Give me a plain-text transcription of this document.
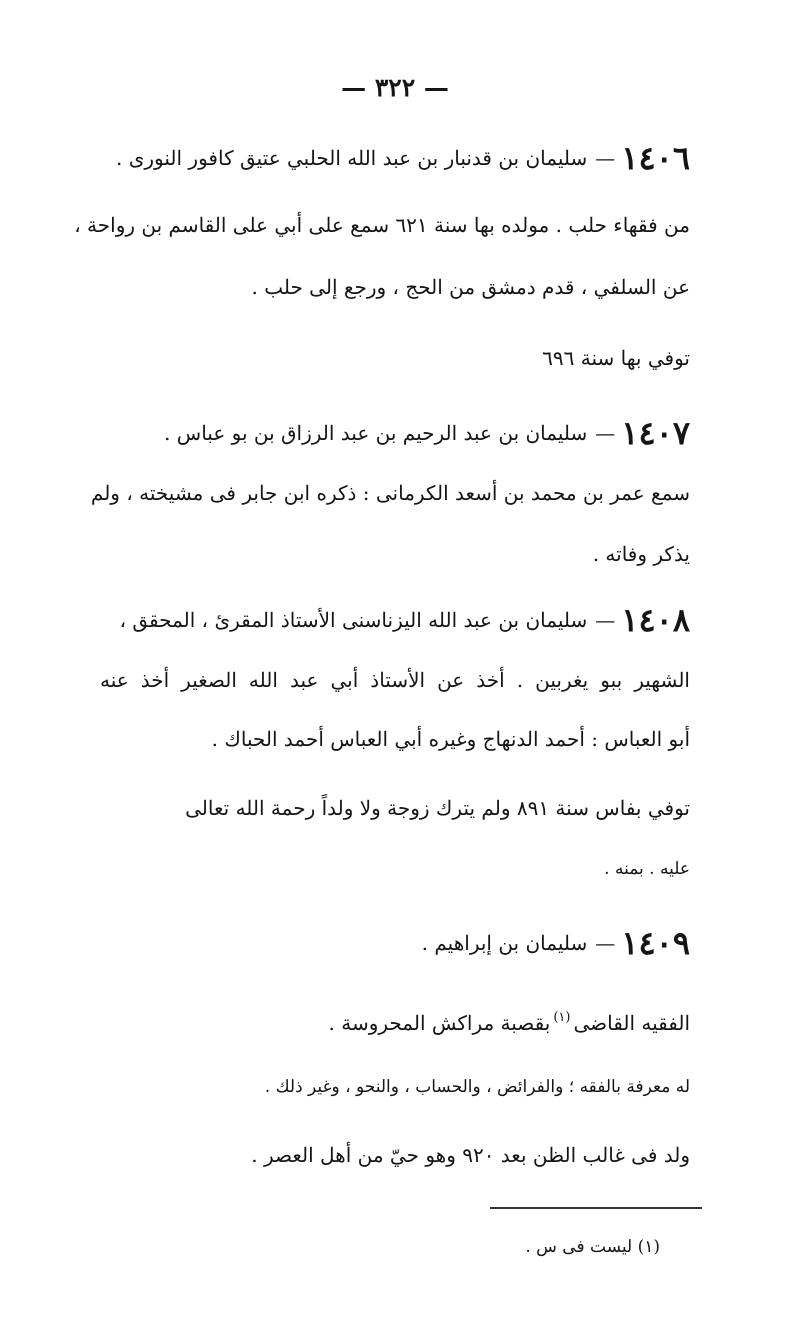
— ٣٢٢ —
١٤٠٦—سليمان بن قدنبار بن عبد الله الحلبي عتيق كافور النورى .
من فقهاء حلب . مولده بها سنة ٦٢١ سمع على أبي على القاسم بن رواحة ،
عن السلفي ، قدم دمشق من الحج ، ورجع إلى حلب .
توفي بها سنة ٦٩٦
١٤٠٧—سليمان بن عبد الرحيم بن عبد الرزاق بن بو عباس .
سمع عمر بن محمد بن أسعد الكرمانى : ذكره ابن جابر فى مشيخته ، ولم
يذكر وفاته .
١٤٠٨—سليمان بن عبد الله اليزناسنى الأستاذ المقرئ ، المحقق ،
الشهير ببو يغربين . أخذ عن الأستاذ أبي عبد الله الصغير أخذ عنه
أبو العباس : أحمد الدنهاج وغيره أبي العباس أحمد الحباك .
توفي بفاس سنة ٨٩١ ولم يترك زوجة ولا ولداً رحمة الله تعالى
عليه . بمنه .
١٤٠٩—سليمان بن إبراهيم .
الفقيه القاضى$^{(١)}$بقصبة مراكش المحروسة .
له معرفة بالفقه ؛ والفرائض ، والحساب ، والنحو ، وغير ذلك .
ولد فى غالب الظن بعد ٩٢٠ وهو حيّ من أهل العصر .
(١) ليست فى س .
